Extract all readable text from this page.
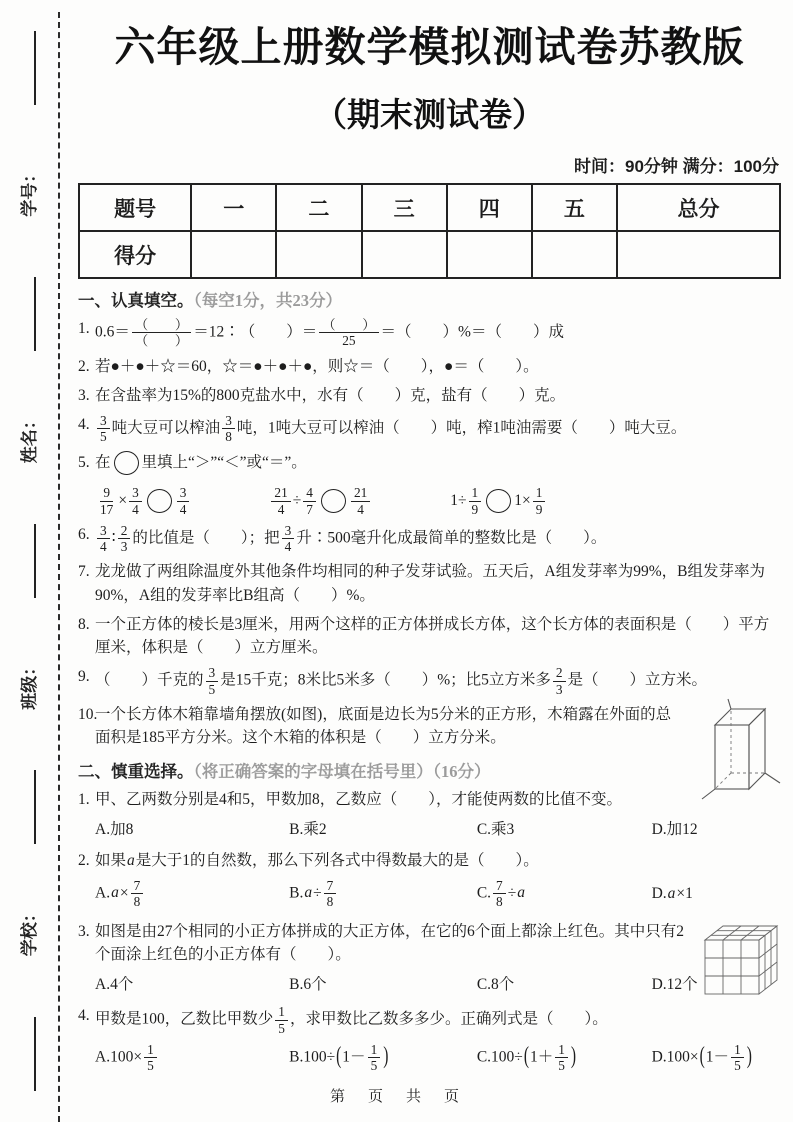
学校：
班级：
姓名：
学号：
六年级上册数学模拟测试卷苏教版
（期末测试卷）
时间：90分钟 满分：100分
题号	一	二	三	四	五	总分
得分						
一、认真填空。（每空1分，共23分）
1. $0.6= \frac{( )}{( )}$ ＝12∶（　　）＝ $\frac{( )}{25}$ ＝（　　）%＝（　　）成
2. 若●＋●＋☆＝60，☆＝●＋●＋●，则☆＝（　　），●＝（　　）。
3. 在含盐率为15%的800克盐水中，水有（　　）克，盐有（　　）克。
4. $\frac{3}{5}$ 吨大豆可以榨油 $\frac{3}{8}$ 吨，1吨大豆可以榨油（　　）吨，榨1吨油需要（　　）吨大豆。
5. 在 里填上“＞”“＜”或“＝”。
$\frac{9}{17} \times \frac{3}{4}$	$\frac{3}{4}$	$\frac{21}{4} \div \frac{4}{7}$	$\frac{21}{4}$	$1\div \frac{1}{9} 1\times \frac{1}{9}$
6. $\frac{3}{4}$ ∶ $\frac{2}{3}$ 的比值是（　　）；把 $\frac{3}{4}$ 升∶500毫升化成最简单的整数比是（　　）。
7. 龙龙做了两组除温度外其他条件均相同的种子发芽试验。五天后，A组发芽率为99%，B组发芽率为90%，A组的发芽率比B组高（　　）%。
8. 一个正方体的棱长是3厘米，用两个这样的正方体拼成长方体，这个长方体的表面积是（　　）平方厘米，体积是（　　）立方厘米。
9. （　　）千克的 $\frac{3}{5}$ 是15千克；8米比5米多（　　）%；比5立方米多 $\frac{2}{3}$ 是（　　）立方米。
10.
一个长方体木箱靠墙角摆放(如图)，底面是边长为5分米的正方形，木箱露在外面的总面积是185平方分米。这个木箱的体积是（　　）立方分米。
二、慎重选择。（将正确答案的字母填在括号里）（16分）
1. 甲、乙两数分别是4和5，甲数加8，乙数应（　　），才能使两数的比值不变。
A.加8	B.乘2	C.乘3	D.加12
2. 如果a是大于1的自然数，那么下列各式中得数最大的是（　　）。
$A.a\times \frac{7}{8}$	$B.a\div \frac{7}{8}$	C. $\frac{7}{8} \div a$	D.a×1
3. 如图是由27个相同的小正方体拼成的大正方体，在它的6个面上都涂上红色。其中只有2个面涂上红色的小正方体有（　　）。
A.4个	B.6个	C.8个	D.12个
4. 甲数是100，乙数比甲数少 $\frac{1}{5}$ ，求甲数比乙数多多少。正确列式是（　　）。
$A.100\times \frac{1}{5}$	$B.100\div(1- \frac{1}{5}$ )	$C.100\div(1+ \frac{1}{5}$ )	$D.100\times(1- \frac{1}{5}$ )
第　页　共　页
